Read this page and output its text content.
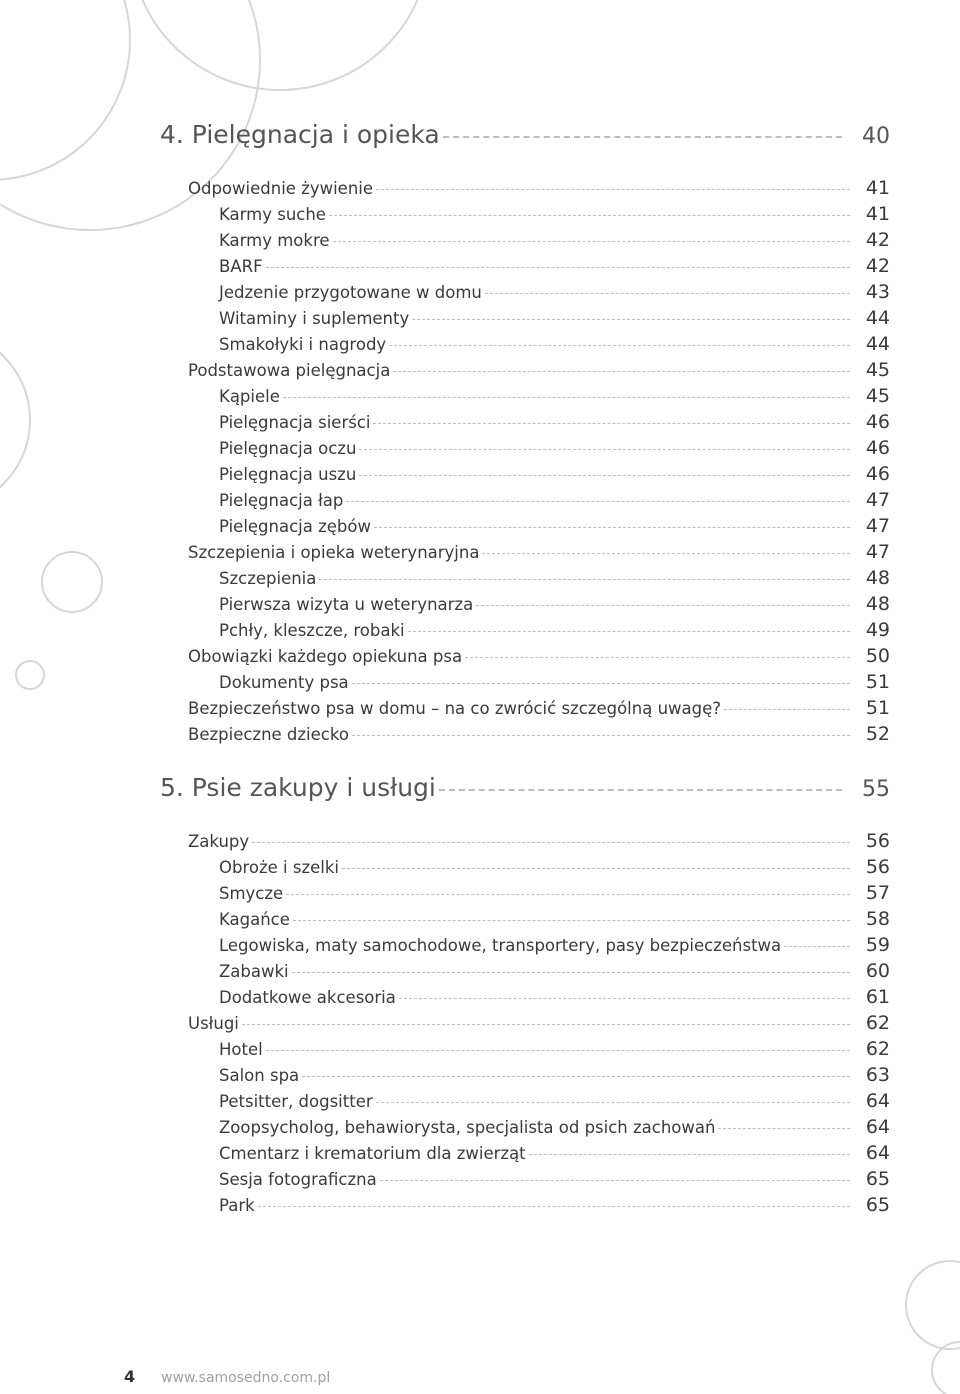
4. Pielęgnacja i opieka	40
Odpowiednie żywienie	41
Karmy suche	41
Karmy mokre	42
BARF	42
Jedzenie przygotowane w domu	43
Witaminy i suplementy	44
Smakołyki i nagrody	44
Podstawowa pielęgnacja	45
Kąpiele	45
Pielęgnacja sierści	46
Pielęgnacja oczu	46
Pielęgnacja uszu	46
Pielęgnacja łap	47
Pielęgnacja zębów	47
Szczepienia i opieka weterynaryjna	47
Szczepienia	48
Pierwsza wizyta u weterynarza	48
Pchły, kleszcze, robaki	49
Obowiązki każdego opiekuna psa	50
Dokumenty psa	51
Bezpieczeństwo psa w domu – na co zwrócić szczególną uwagę?	51
Bezpieczne dziecko	52
5. Psie zakupy i usługi	55
Zakupy	56
Obroże i szelki	56
Smycze	57
Kagańce	58
Legowiska, maty samochodowe, transportery, pasy bezpieczeństwa	59
Zabawki	60
Dodatkowe akcesoria	61
Usługi	62
Hotel	62
Salon spa	63
Petsitter, dogsitter	64
Zoopsycholog, behawiorysta, specjalista od psich zachowań	64
Cmentarz i krematorium dla zwierząt	64
Sesja fotograficzna	65
Park	65
4 www.samosedno.com.pl
